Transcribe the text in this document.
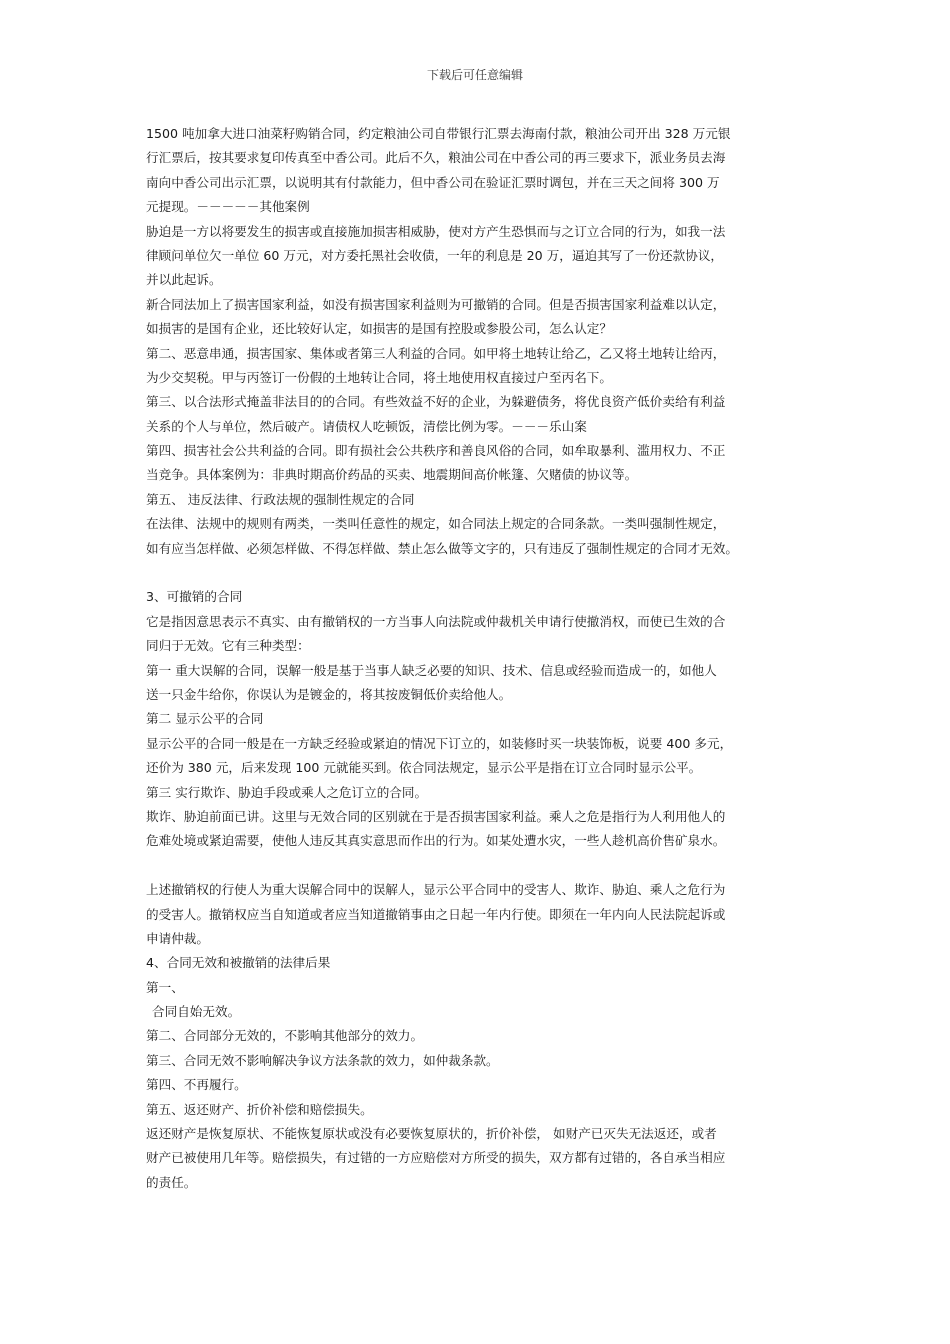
下载后可任意编辑
1500 吨加拿大进口油菜籽购销合同，约定粮油公司自带银行汇票去海南付款，粮油公司开出 328 万元银
行汇票后，按其要求复印传真至中香公司。此后不久，粮油公司在中香公司的再三要求下，派业务员去海
南向中香公司出示汇票，以说明其有付款能力，但中香公司在验证汇票时调包，并在三天之间将 300 万
元提现。－－－－－其他案例
胁迫是一方以将要发生的损害或直接施加损害相威胁，使对方产生恐惧而与之订立合同的行为，如我一法
律顾问单位欠一单位 60 万元，对方委托黑社会收债，一年的利息是 20 万，逼迫其写了一份还款协议，
并以此起诉。
新合同法加上了损害国家利益，如没有损害国家利益则为可撤销的合同。但是否损害国家利益难以认定，
如损害的是国有企业，还比较好认定，如损害的是国有控股或参股公司，怎么认定？
第二、恶意串通，损害国家、集体或者第三人利益的合同。如甲将土地转让给乙，乙又将土地转让给丙，
为少交契税。甲与丙签订一份假的土地转让合同，将土地使用权直接过户至丙名下。
第三、以合法形式掩盖非法目的的合同。有些效益不好的企业，为躲避债务，将优良资产低价卖给有利益
关系的个人与单位，然后破产。请债权人吃顿饭，清偿比例为零。－－－乐山案
第四、损害社会公共利益的合同。即有损社会公共秩序和善良风俗的合同，如牟取暴利、滥用权力、不正
当竞争。具体案例为：非典时期高价药品的买卖、地震期间高价帐篷、欠赌债的协议等。
第五、 违反法律、行政法规的强制性规定的合同
在法律、法规中的规则有两类，一类叫任意性的规定，如合同法上规定的合同条款。一类叫强制性规定，
如有应当怎样做、必须怎样做、不得怎样做、禁止怎么做等文字的，只有违反了强制性规定的合同才无效。
3、可撤销的合同
它是指因意思表示不真实、由有撤销权的一方当事人向法院或仲裁机关申请行使撤消权，而使已生效的合
同归于无效。它有三种类型：
第一 重大误解的合同，误解一般是基于当事人缺乏必要的知识、技术、信息或经验而造成一的，如他人
送一只金牛给你，你误认为是镀金的，将其按废铜低价卖给他人。
第二 显示公平的合同
显示公平的合同一般是在一方缺乏经验或紧迫的情况下订立的，如装修时买一块装饰板，说要 400 多元，
还价为 380 元，后来发现 100 元就能买到。依合同法规定，显示公平是指在订立合同时显示公平。
第三 实行欺诈、胁迫手段或乘人之危订立的合同。
欺诈、胁迫前面已讲。这里与无效合同的区别就在于是否损害国家利益。乘人之危是指行为人利用他人的
危难处境或紧迫需要，使他人违反其真实意思而作出的行为。如某处遭水灾，一些人趁机高价售矿泉水。
上述撤销权的行使人为重大误解合同中的误解人，显示公平合同中的受害人、欺诈、胁迫、乘人之危行为
的受害人。撤销权应当自知道或者应当知道撤销事由之日起一年内行使。即须在一年内向人民法院起诉或
申请仲裁。
4、合同无效和被撤销的法律后果
第一、
合同自始无效。
第二、合同部分无效的，不影响其他部分的效力。
第三、合同无效不影响解决争议方法条款的效力，如仲裁条款。
第四、不再履行。
第五、返还财产、折价补偿和赔偿损失。
返还财产是恢复原状、不能恢复原状或没有必要恢复原状的，折价补偿， 如财产已灭失无法返还，或者
财产已被使用几年等。赔偿损失，有过错的一方应赔偿对方所受的损失，双方都有过错的，各自承当相应
的责任。
